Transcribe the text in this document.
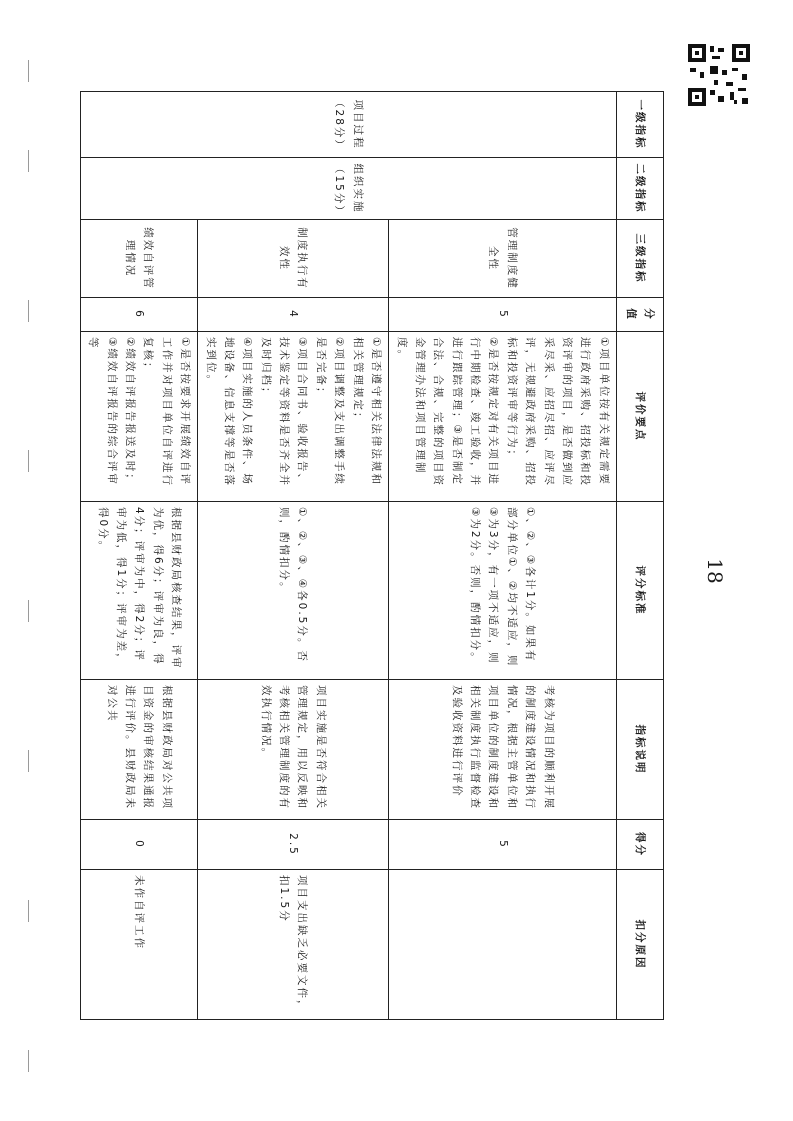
18
一级指标	二级指标	三级指标	分值	评价要点	评分标准	指标说明	得分	扣分原因
项目过程（28分）	组织实施（15分）	管理制度健全性	5	①项目单位按有关规定需要进行政府采购、招投标和投资评审的项目，是否做到应采尽采、应招尽招、应评尽评，无规避政府采购、招投标和投资评审等行为；
②是否按规定对有关项目进行中期检查、竣工验收，并进行跟踪管理；③是否制定合法、合规、完整的项目资金管理办法和项目管理制度。	①、②、③各计1分。如果有部分单位①、②均不适应，则③为3分，有一项不适应，则③为2分。否则，酌情扣分。	考核为项目的顺利开展的制度建设情况和执行情况，根据主管单位和项目单位的制度建设和相关制度执行监督检查及验收资料进行评价	5	
		制度执行有效性	4	①是否遵守相关法律法规和相关管理规定；
②项目调整及支出调整手续是否完备；
③项目合同书、验收报告、技术鉴定等资料是否齐全并及时归档；
④项目实施的人员条件、场地设备、信息支撑等是否落实到位。	①、②、③、④各0.5分。否则，酌情扣分。	项目实施是否符合相关管理规定，用以反映和考核相关管理制度的有效执行情况。	2.5	项目支出缺乏必要文件，扣1.5分
		绩效自评管理情况	6	①是否按要求开展绩效自评工作并对项目单位自评进行复核；
②绩效自评报告报送及时；
③绩效自评报告的综合评审等	根据县财政局核查结果，评审为优，得6分；评审为良，得4分；评审为中，得2分；评审为低，得1分；评审为差，得0分。	根据县财政局对公共项目资金的审核结果通报进行评价。县财政局未对公共	0	未作自评工作
